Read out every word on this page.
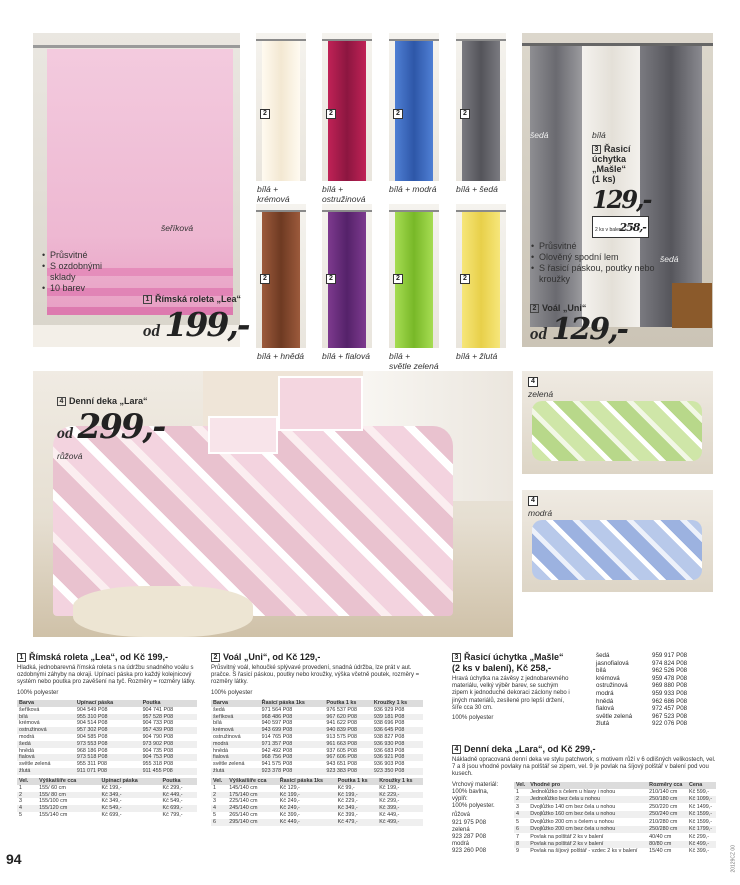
šeříková
• Průsvitné
• S ozdobnými sklady
• 10 barev
1 Římská roleta „Lea“
od 199,-
2	2	2	2
2	2	2	2
bílá +
krémová
bílá +
ostružinová
bílá + modrá bílá + šedá
bílá + hnědá bílá + fialová bílá +
světle zelená
bílá + žlutá
šedá	bílá
šedá
3 Řasicí
úchytka
„Mašle“
(1 ks)
129,-
2 ks v balení 258,-
• Průsvitné
• Olověný spodní lem
• S řasicí páskou, poutky nebo kroužky
2 Voál „Uni“
od 129,-
4 Denní deka „Lara“
od 299,-
růžová
4
zelená
4
modrá
1 Římská roleta „Lea“, od Kč 199,-

Hladká, jednobarevná římská roleta s na údržbu snadného voálu s ozdobnými záhyby na okraji. Upínací páska pro každý kolejnicový systém nebo poutka pro zavěšení na tyč. Rozměry = rozměry látky.

100% polyester

Barva	Upínací páska	Poutka
šeříková	904 549 P08	904 741 P08
bílá	955 310 P08	957 528 P08
krémová	904 514 P08	904 733 P08
ostružinová	957 302 P08	957 439 P08
modrá	904 585 P08	904 790 P08
šedá	973 553 P08	973 902 P08
hnědá	968 186 P08	904 735 P08
fialová	973 518 P08	904 753 P08
světle zelená	955 311 P08	955 318 P08
žlutá	911 071 P08	911 455 P08
Vel.	Výška/šíře cca	Upínací páska	Poutka
1	155/ 60 cm	Kč 199,-	Kč 299,-
2	155/ 80 cm	Kč 349,-	Kč 449,-
3	155/100 cm	Kč 349,-	Kč 549,-
4	155/120 cm	Kč 549,-	Kč 699,-
5	155/140 cm	Kč 699,-	Kč 799,-
2 Voál „Uni“, od Kč 129,-

Průsvitný voál, lehoučké splývavé provedení, snadná údržba, lze prát v aut. pračce. S řasicí páskou, poutky nebo kroužky, výška včetně poutek, rozměry = rozměry látky.

100% polyester

Barva	Řasicí páska 1ks	Poutka 1 ks	Kroužky 1 ks
šedá	971 564 P08	976 537 P08	936 929 P08
šeříková	968 486 P08	967 620 P08	939 181 P08
bílá	940 597 P08	941 622 P08	938 696 P08
krémová	943 699 P08	940 839 P08	936 645 P08
ostružinová	914 765 P08	913 575 P08	938 827 P08
modrá	971 357 P08	961 663 P08	936 930 P08
hnědá	942 492 P08	937 605 P08	936 683 P08
fialová	968 756 P08	967 606 P08	936 921 P08
světle zelená	941 575 P08	943 651 P08	936 903 P08
žlutá	923 378 P08	923 383 P08	923 350 P08
Vel.	Výška/šíře cca	Řasicí páska 1ks	Poutka 1 ks	Kroužky 1 ks
1	145/140 cm	Kč 129,-	Kč 99,-	Kč 199,-
2	175/140 cm	Kč 199,-	Kč 199,-	Kč 229,-
3	225/140 cm	Kč 249,-	Kč 229,-	Kč 299,-
4	245/140 cm	Kč 249,-	Kč 349,-	Kč 399,-
5	265/140 cm	Kč 399,-	Kč 399,-	Kč 449,-
6	295/140 cm	Kč 449,-	Kč 479,-	Kč 499,-
3 Řasicí úchytka „Mašle“
(2 ks v balení), Kč 258,-

Hravá úchytka na závěsy z jednobarevného materiálu, velký výběr barev, se suchým zipem k jednoduché dekoraci záclony nebo i jiných materiálů, zesílené pro lepší držení, šíře cca 30 cm.

100% polyester

šedá	959 917 P08
jasnofialová	974 824 P08
bílá	962 526 P08
krémová	959 478 P08
ostružinová	969 880 P08
modrá	959 933 P08
hnědá	962 686 P08
fialová	972 457 P08
světle zelená	967 523 P08
žlutá	922 076 P08
4 Denní deka „Lara“, od Kč 299,-

Nákladně opracovaná denní deka ve stylu patchwork, s motivem růží v 6 odlišných velikostech, vel. 7 a 8 jsou vhodné povlaky na polštář se zipem, vel. 9 je povlak na šíjový polštář v balení pod vou kusech.

Vrchový materiál:
100% bavlna,
výplň:
100% polyester.
růžová
921 975 P08
zelená
923 287 P08
modrá
923 260 P08
Vel.	Vhodné pro	Rozměry cca	Cena
1	Jednolůžko s čelem u hlavy i nohou	210/140 cm	Kč 599,-
2	Jednolůžko bez čela u nohou	250/180 cm	Kč 1099,-
3	Dvojlůžko 140 cm bez čela u nohou	250/220 cm	Kč 1499,-
4	Dvojlůžko 160 cm bez čela u nohou	250/240 cm	Kč 1599,-
5	Dvojlůžko 200 cm s čelem u nohou	210/280 cm	Kč 1599,-
6	Dvojlůžko 200 cm bez čela u nohou	250/280 cm	Kč 1799,-
7	Povlak na polštář 2 ks v balení	40/40 cm	Kč 299,-
8	Povlak na polštář 2 ks v balení	80/80 cm	Kč 499,-
9	Povlak na šíjový polštář - vzdec 2 ks v balení	15/40 cm	Kč 399,-
94	20129CZ 00
